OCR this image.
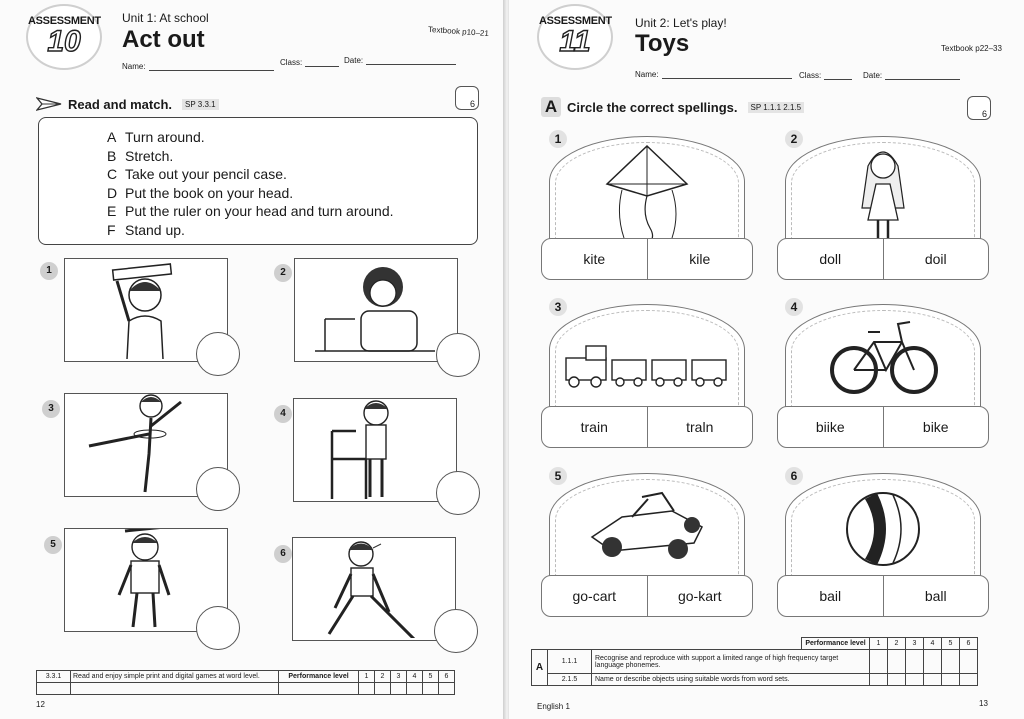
ASSESSMENT
10
Unit 1: At school
Act out	Textbook p10–21
Name:	Class:	Date:
Read and match.	SP 3.3.1	6
A Turn around.
B Stretch.
C Take out your pencil case.
D Put the book on your head.
E Put the ruler on your head and turn around.
F Stand up.
1	2
3	4
5
6
3.3.1	Read and enjoy simple print and digital games at word level.	Performance level	1	2	3	4	5	6

12
ASSESSMENT
11
Unit 2: Let's play!
Toys	Textbook p22–33
Name:	Class:	Date:
A Circle the correct spellings.	SP 1.1.1 2.1.5
6
1
kite	kile
2
doll	doil
3
train	traln
4
biike	bike
5
go-cart	go-kart
6
bail	ball
			Performance level	1	2	3	4	5	6
A	1.1.1	Recognise and reproduce with support a limited range of high frequency target language phonemes.							
	2.1.5	Name or describe objects using suitable words from word sets.							
English 1	13
